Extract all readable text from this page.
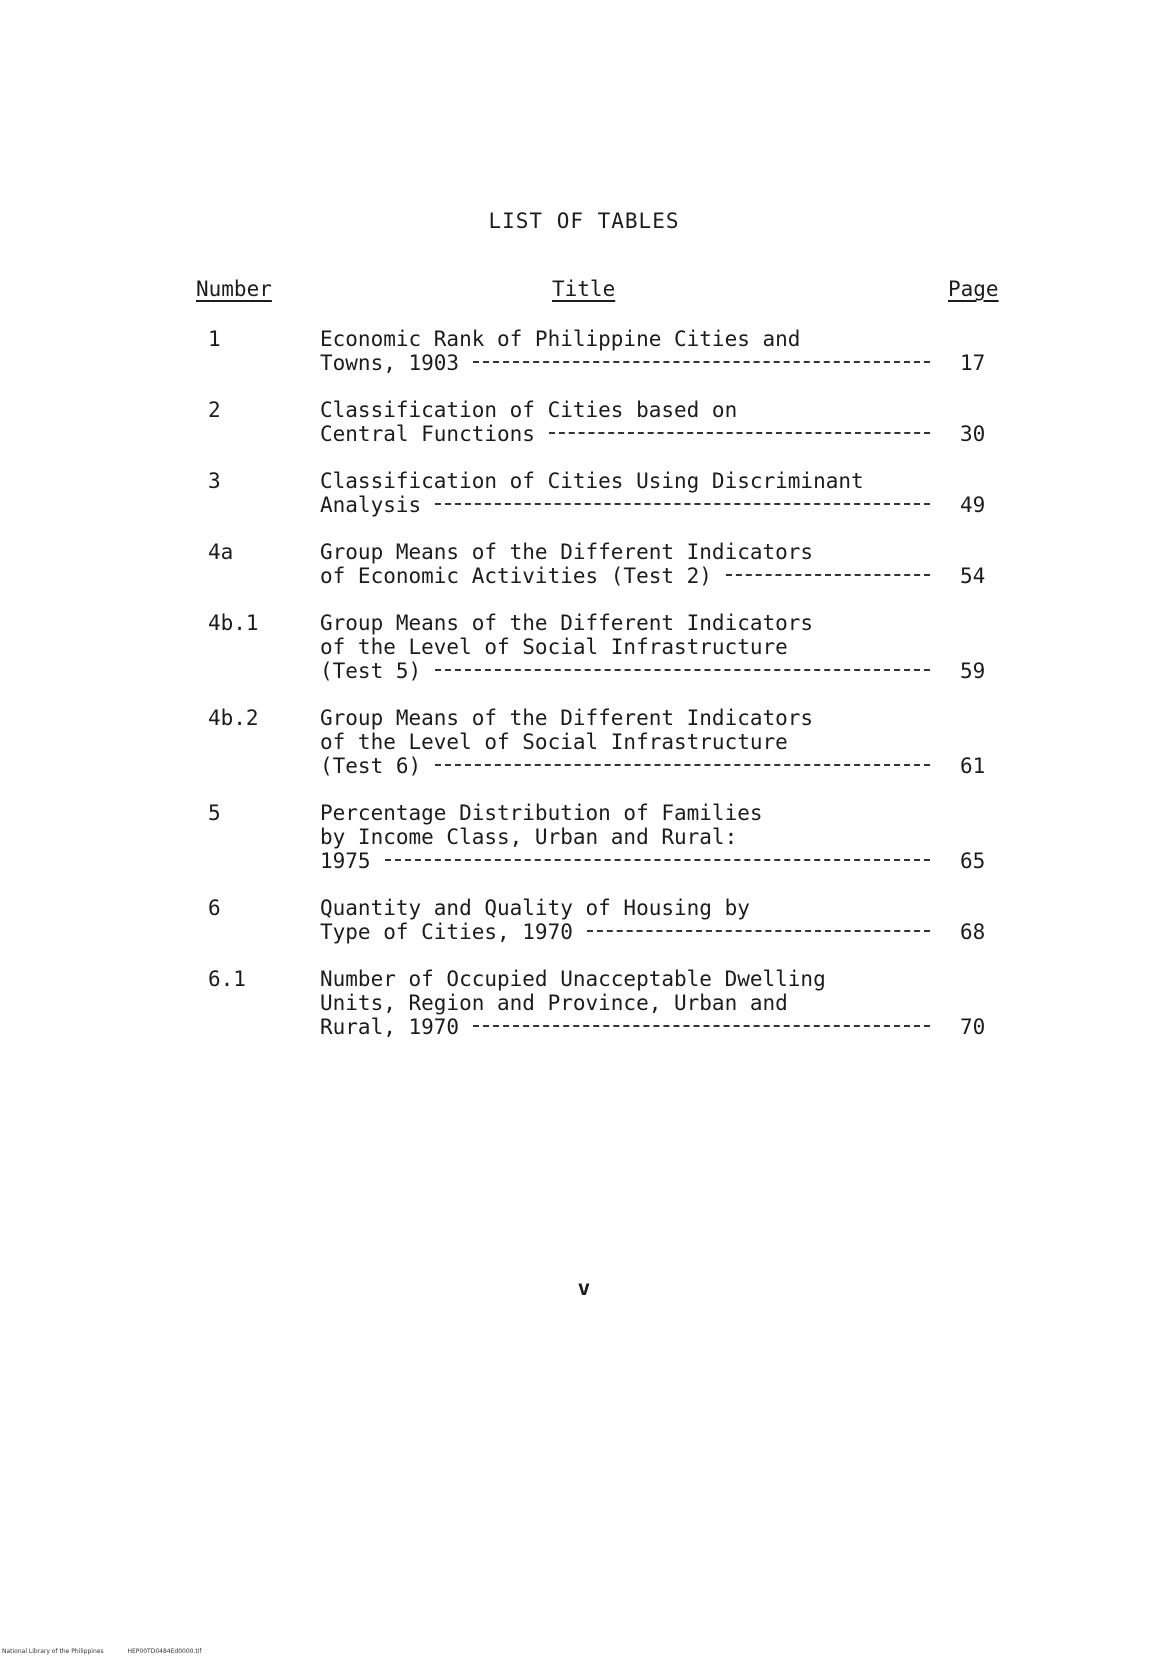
LIST OF TABLES
Number	Title	Page
1	Economic Rank of Philippine Cities and
Towns, 1903	17
2	Classification of Cities based on
Central Functions	30
3	Classification of Cities Using Discriminant
Analysis	49
4a	Group Means of the Different Indicators
of Economic Activities (Test 2)	54
4b.1	Group Means of the Different Indicators
of the Level of Social Infrastructure
(Test 5)	59
4b.2	Group Means of the Different Indicators
of the Level of Social Infrastructure
(Test 6)	61
5	Percentage Distribution of Families
by Income Class, Urban and Rural:
1975	65
6	Quantity and Quality of Housing by
Type of Cities, 1970	68
6.1	Number of Occupied Unacceptable Dwelling
Units, Region and Province, Urban and
Rural, 1970	70
v
National Library of the Philippines	HEP00TD0484Ed0000.tif
